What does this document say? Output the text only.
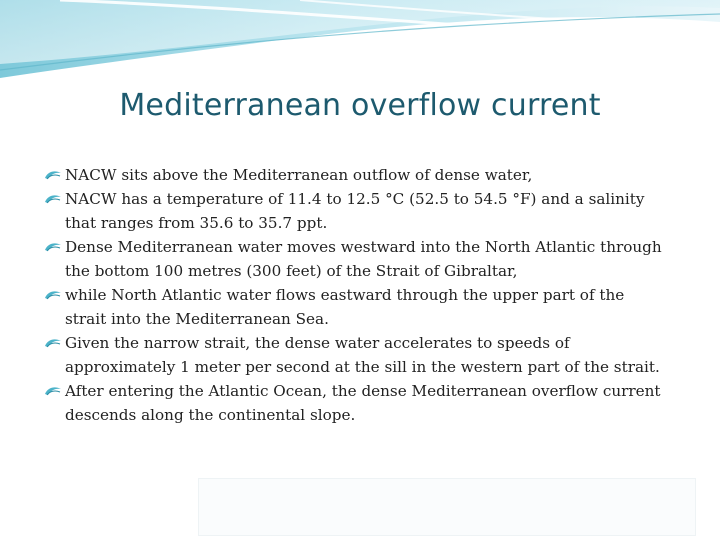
Mediterranean overflow current
NACW sits above the Mediterranean outflow of dense water,
NACW has a temperature of 11.4 to 12.5 °C (52.5 to 54.5 °F) and a salinity that ranges from 35.6 to 35.7 ppt.
Dense Mediterranean water moves westward into the North Atlantic through the bottom 100 metres (300 feet) of the Strait of Gibraltar,
while North Atlantic water flows eastward through the upper part of the strait into the Mediterranean Sea.
Given the narrow strait, the dense water accelerates to speeds of approximately 1 meter per second at the sill in the western part of the strait.
After entering the Atlantic Ocean, the dense Mediterranean overflow current descends along the continental slope.
